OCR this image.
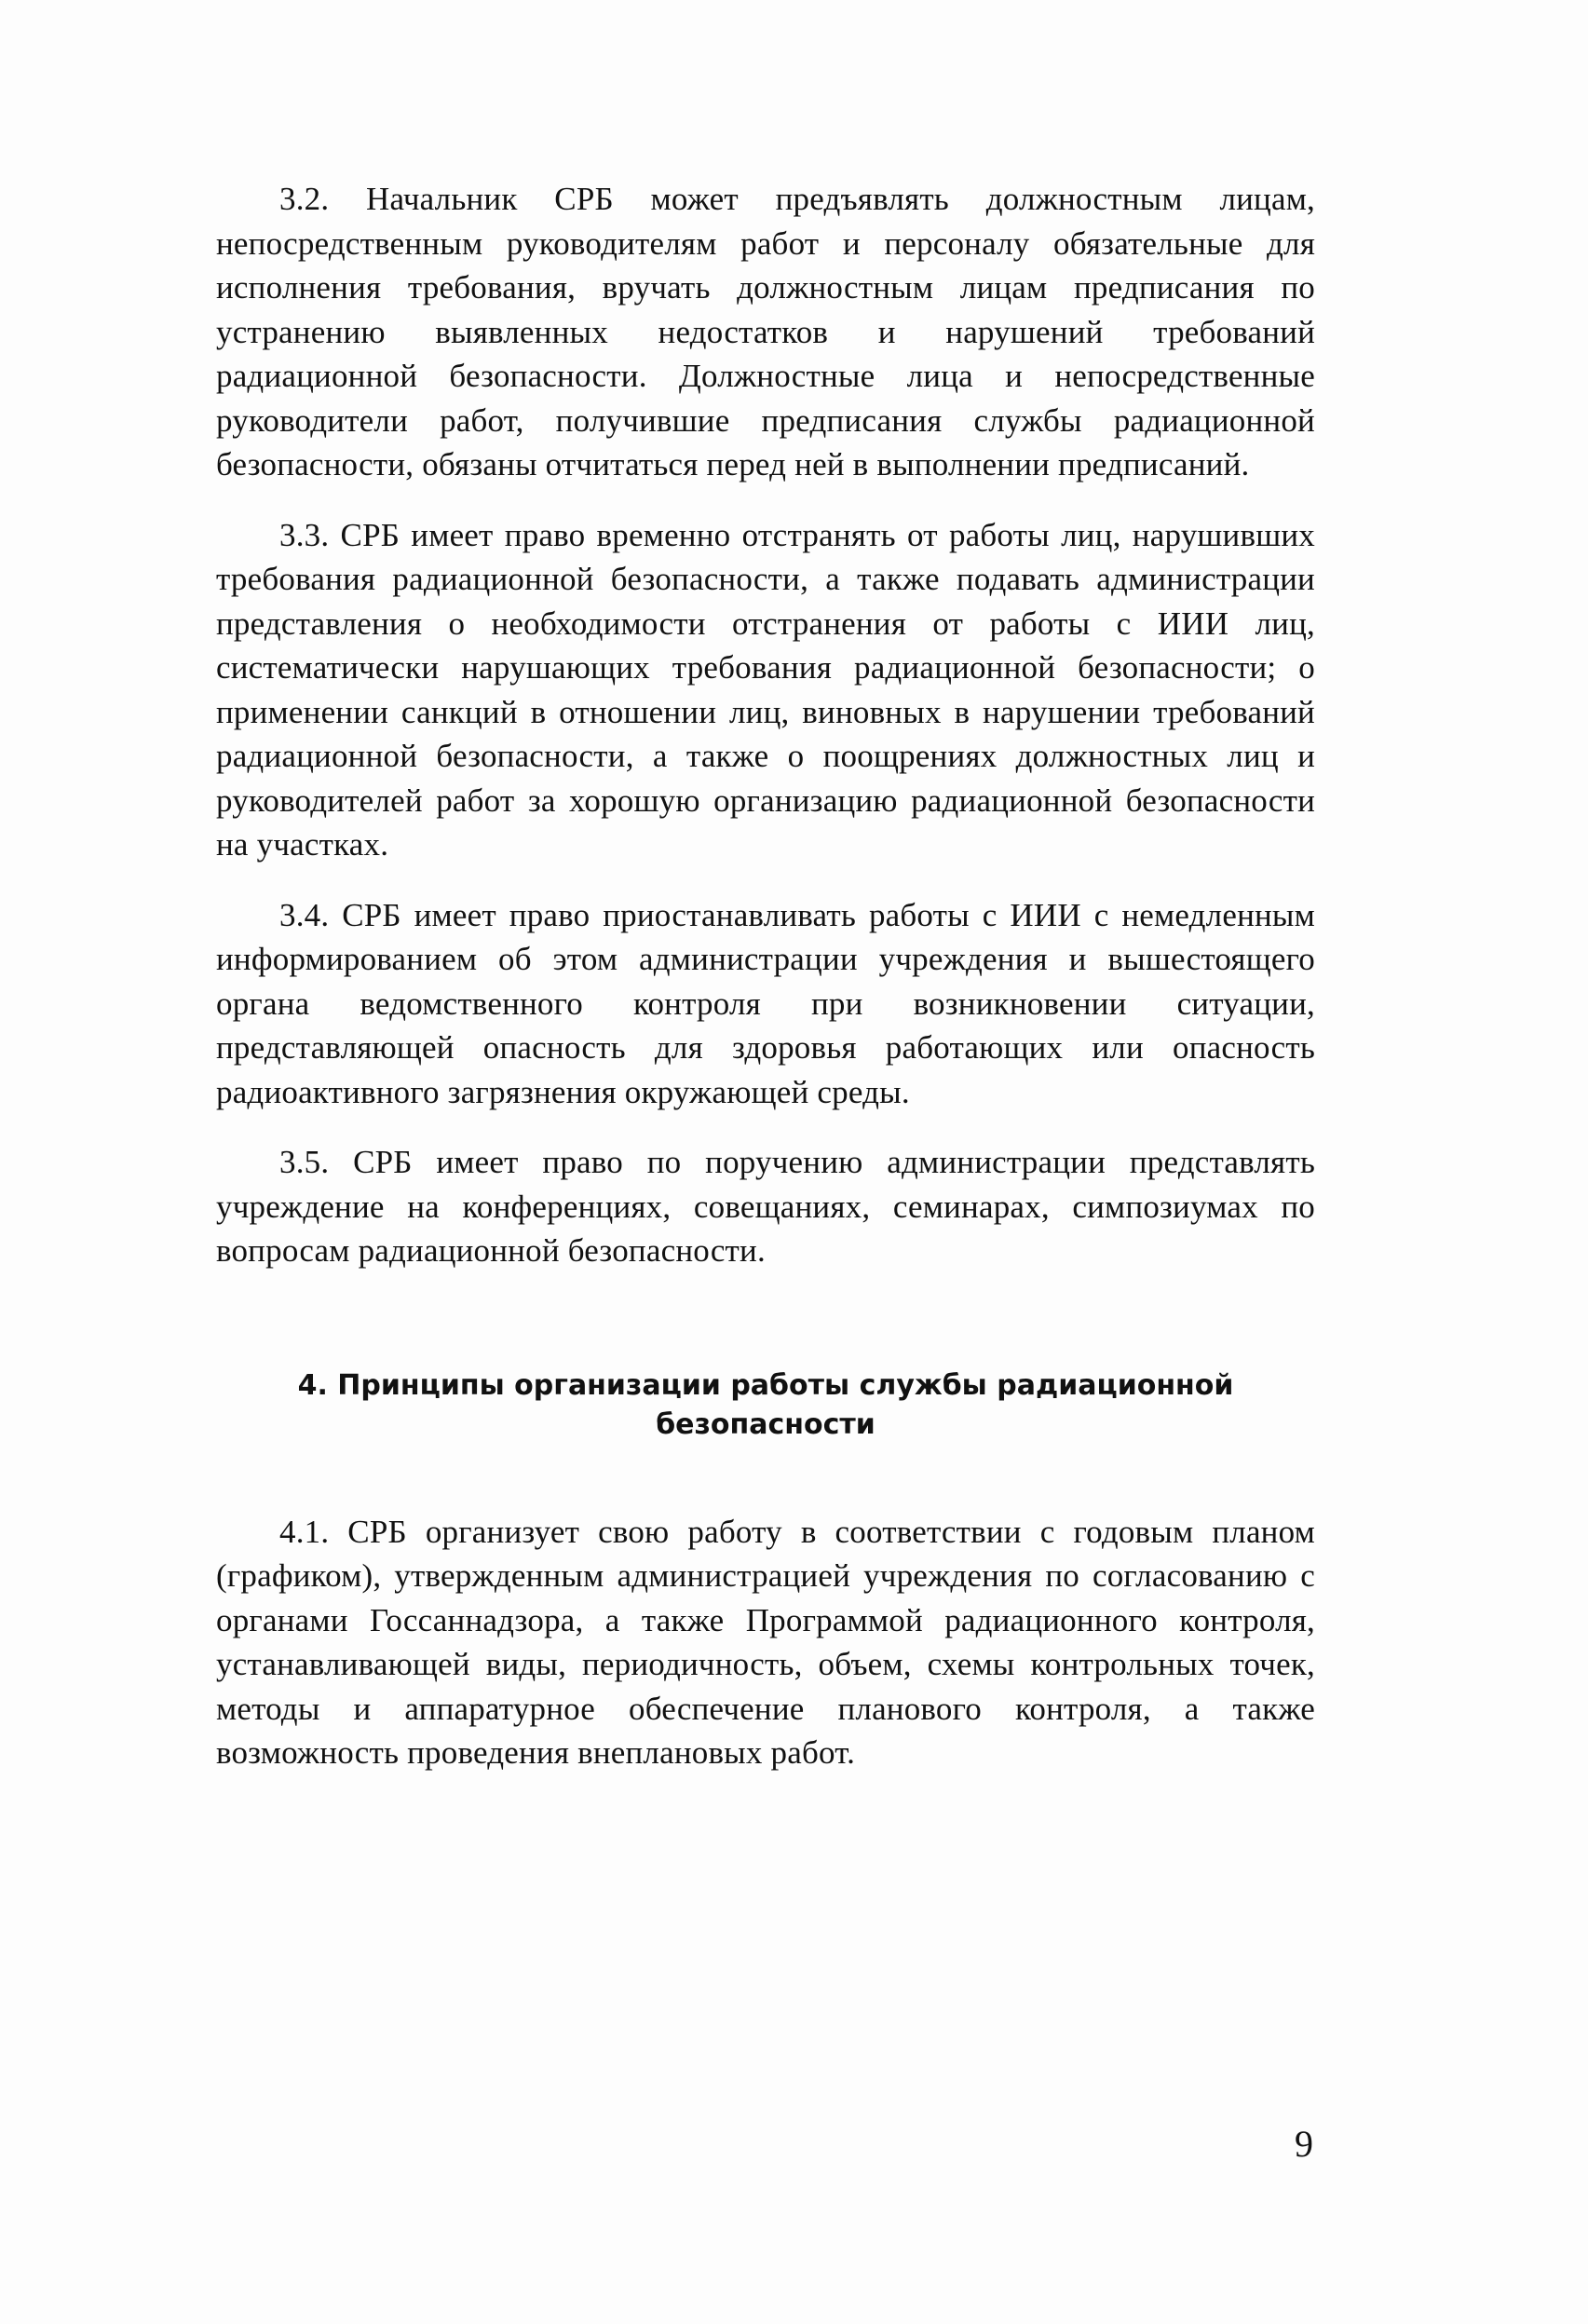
3.2. Начальник СРБ может предъявлять должностным лицам, непосредственным руководителям работ и персоналу обязательные для исполнения требования, вручать должностным лицам предписания по устранению выявленных недостатков и нарушений требований радиационной безопасности. Должностные лица и непосредственные руководители работ, получившие предписания службы радиационной безопасности, обязаны отчитаться перед ней в выполнении предписаний.

3.3. СРБ имеет право временно отстранять от работы лиц, нарушивших требования радиационной безопасности, а также подавать администрации представления о необходимости отстранения от работы с ИИИ лиц, систематически нарушающих требования радиационной безопасности; о применении санкций в отношении лиц, виновных в нарушении требований радиационной безопасности, а также о поощрениях должностных лиц и руководителей работ за хорошую организацию радиационной безопасности на участках.

3.4. СРБ имеет право приостанавливать работы с ИИИ с немедленным информированием об этом администрации учреждения и вышестоящего органа ведомственного контроля при возникновении ситуации, представляющей опасность для здоровья работающих или опасность радиоактивного загрязнения окружающей среды.

3.5. СРБ имеет право по поручению администрации представлять учреждение на конференциях, совещаниях, семинарах, симпозиумах по вопросам радиационной безопасности.

4. Принципы организации работы службы радиационной безопасности

4.1. СРБ организует свою работу в соответствии с годовым планом (графиком), утвержденным администрацией учреждения по согласованию с органами Госсаннадзора, а также Программой радиационного контроля, устанавливающей виды, периодичность, объем, схемы контрольных точек, методы и аппаратурное обеспечение планового контроля, а также возможность проведения внеплановых работ.

9
